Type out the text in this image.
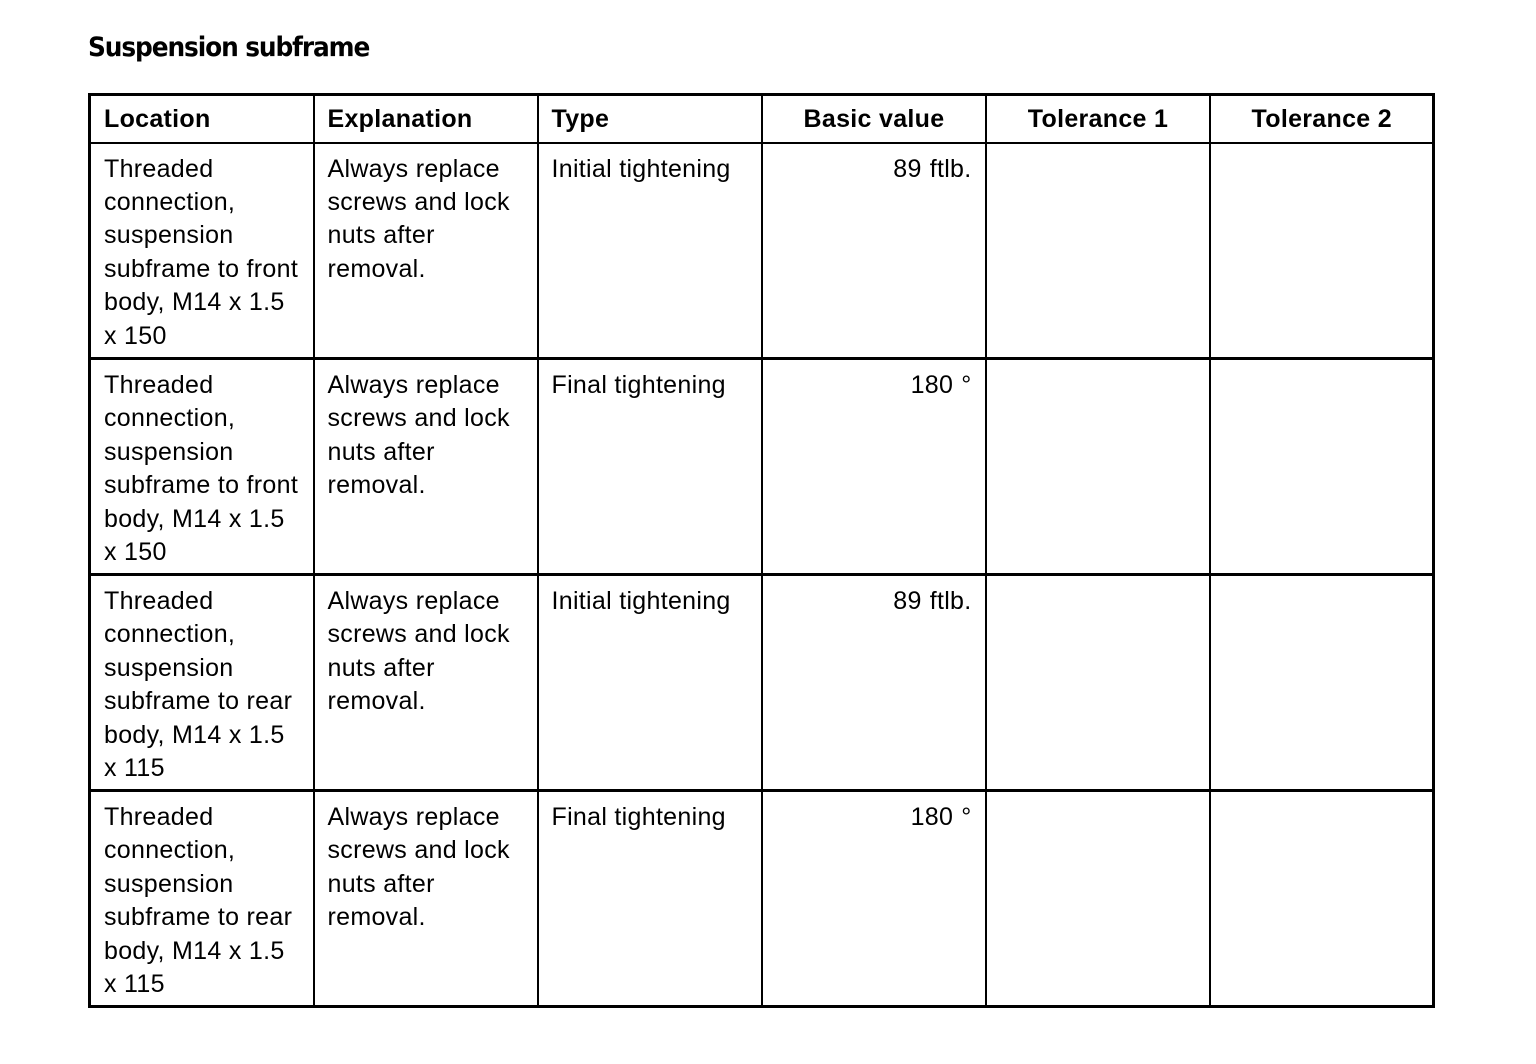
Suspension subframe
Location	Explanation	Type	Basic value	Tolerance 1	Tolerance 2
Threaded connection, suspension subframe to front body, M14 x 1.5 x 150	Always replace screws and lock nuts after removal.	Initial tightening	89 ftlb.		
Threaded connection, suspension subframe to front body, M14 x 1.5 x 150	Always replace screws and lock nuts after removal.	Final tightening	180 °		
Threaded connection, suspension subframe to rear body, M14 x 1.5 x 115	Always replace screws and lock nuts after removal.	Initial tightening	89 ftlb.		
Threaded connection, suspension subframe to rear body, M14 x 1.5 x 115	Always replace screws and lock nuts after removal.	Final tightening	180 °		
